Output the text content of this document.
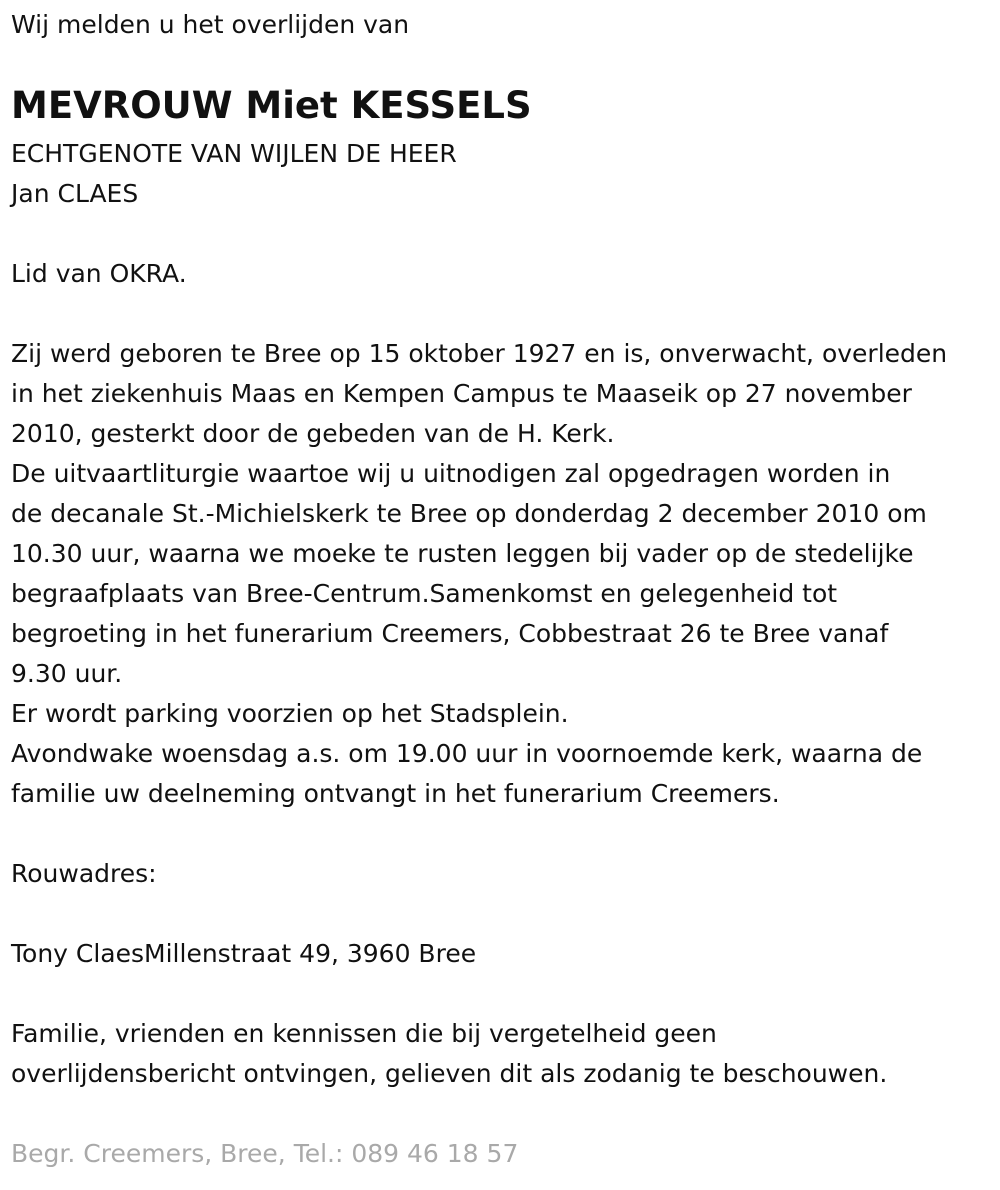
Wij melden u het overlijden van

MEVROUW Miet KESSELS

ECHTGENOTE VAN WIJLEN DE HEER

Jan CLAES

Lid van OKRA.

Zij werd geboren te Bree op 15 oktober 1927 en is, onverwacht, overleden

in het ziekenhuis Maas en Kempen Campus te Maaseik op 27 november

2010, gesterkt door de gebeden van de H. Kerk.

De uitvaartliturgie waartoe wij u uitnodigen zal opgedragen worden in

de decanale St.-Michielskerk te Bree op donderdag 2 december 2010 om

10.30 uur, waarna we moeke te rusten leggen bij vader op de stedelijke

begraafplaats van Bree-Centrum.Samenkomst en gelegenheid tot

begroeting in het funerarium Creemers, Cobbestraat 26 te Bree vanaf

9.30 uur.

Er wordt parking voorzien op het Stadsplein.

Avondwake woensdag a.s. om 19.00 uur in voornoemde kerk, waarna de

familie uw deelneming ontvangt in het funerarium Creemers.

Rouwadres:

Tony ClaesMillenstraat 49, 3960 Bree

Familie, vrienden en kennissen die bij vergetelheid geen

overlijdensbericht ontvingen, gelieven dit als zodanig te beschouwen.

Begr. Creemers, Bree, Tel.: 089 46 18 57
